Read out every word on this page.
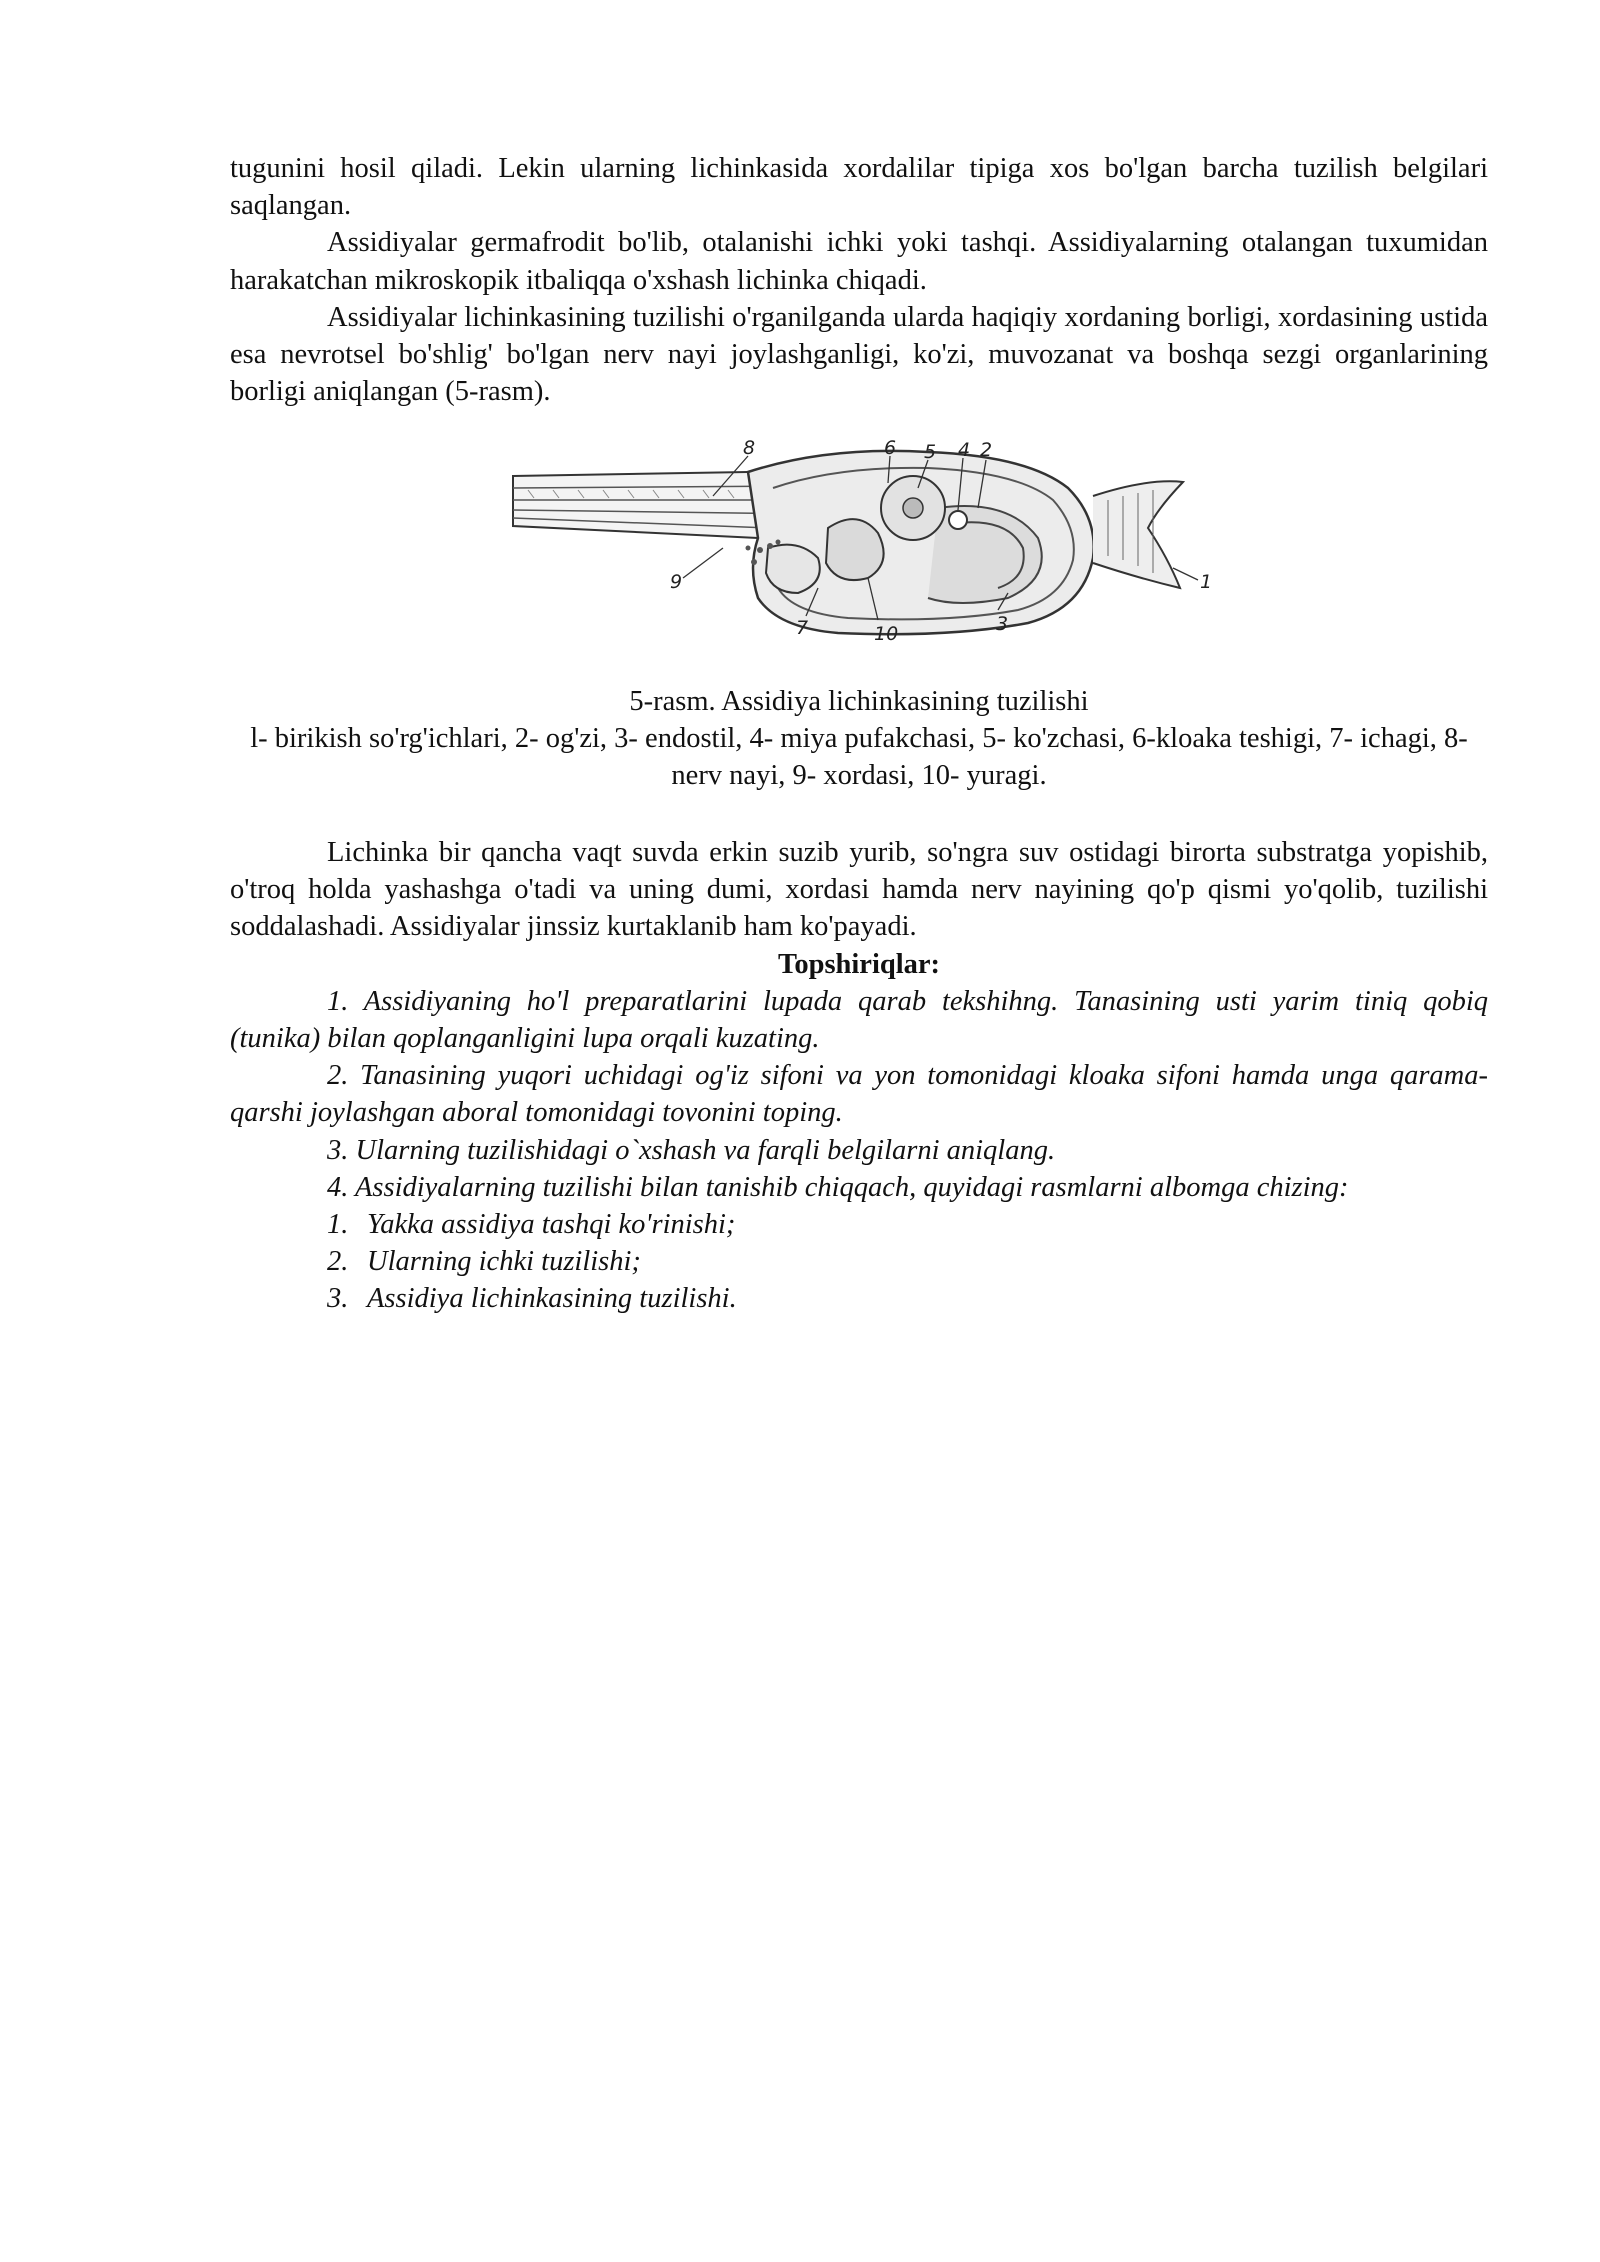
tugunini hosil qiladi. Lekin ularning lichinkasida xordalilar tipiga xos bo'lgan barcha tuzilish belgilari saqlangan.

Assidiyalar germafrodit bo'lib, otalanishi ichki yoki tashqi. Assidiyalarning otalangan tuxumidan harakatchan mikroskopik itbaliqqa o'xshash lichinka chiqadi.

Assidiyalar lichinkasining tuzilishi o'rganilganda ularda haqiqiy xordaning borligi, xordasining ustida esa nevrotsel bo'shlig' bo'lgan nerv nayi joylashganligi, ko'zi, muvozanat va boshqa sezgi organlarining borligi aniqlangan (5-rasm).

8	6 5 4 2
1
9
7	10	3

5-rasm. Assidiya lichinkasining tuzilishi

l- birikish so'rg'ichlari, 2- og'zi, 3- endostil, 4- miya pufakchasi, 5- ko'zchasi, 6-kloaka teshigi, 7- ichagi, 8- nerv nayi, 9- xordasi, 10- yuragi.

Lichinka bir qancha vaqt suvda erkin suzib yurib, so'ngra suv ostidagi birorta substratga yopishib, o'troq holda yashashga o'tadi va uning dumi, xordasi hamda nerv nayining qo'p qismi yo'qolib, tuzilishi soddalashadi. Assidiyalar jinssiz kurtaklanib ham ko'payadi.

Topshiriqlar:

1. Assidiyaning ho'l preparatlarini lupada qarab tekshihng. Tanasining usti yarim tiniq qobiq (tunika) bilan qoplanganligini lupa orqali kuzating.

2. Tanasining yuqori uchidagi og'iz sifoni va yon tomonidagi kloaka sifoni hamda unga qarama-qarshi joylashgan aboral tomonidagi tovonini toping.

3. Ularning tuzilishidagi o`xshash va farqli belgilarni aniqlang.

4. Assidiyalarning tuzilishi bilan tanishib chiqqach, quyidagi rasmlarni albomga chizing:

1. Yakka assidiya tashqi ko'rinishi;

2. Ularning ichki tuzilishi;

3. Assidiya lichinkasining tuzilishi.
